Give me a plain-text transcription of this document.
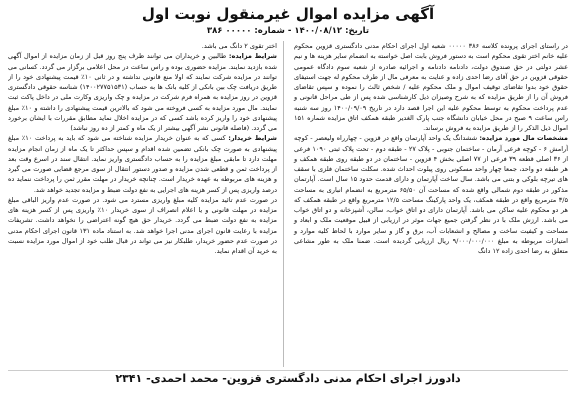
آگهی مزایده اموال غیرمنقول نوبت اول
تاریخ: ۱۴۰۰/۰۸/۱۲ - شماره: ۳۸۶ ۰۰۰۰۰

در راستای اجرای پرونده کلاسه ۳۸۶ ۰۰۰۰۰ شعبه اول اجرای احکام مدنی دادگستری قزوین محکوم علیه خانم اختر تقوی محکوم است به دستور فروش بابت اصل خواسته به انضمام سایر هزینه ها و نیم عشر دولتی در حق صندوق دولت، دادنامه دادنامه و اجرائیه صادره از شعبه سوم دادگاه عمومی حقوقی قزوین در حق آقای رضا احدی زاده و عنایت به معرفی مال از طرف محکوم له جهت استیفای حقوق خود بدوا تقاضای توقیف اموال و ملک محکوم علیه / شخص ثالث را نموده و سپس تقاضای فروش آن را از طریق مزایده که به شرح وصیزان ذیل کارشناسی شده پس از طی مراحل قانونی و عدم پرداخت محکوم به توسط محکوم علیه این اجرا قصد دارد در تاریخ ۱۴۰۰/۰۹/۰۹ روز سه شنبه راس ساعت ۹ صبح در محل خیابان دانشگاه جنب پارک الغدیر طبقه همکف اتاق مزایده شماره ۱۵۱ اموال ذیل الذکر را از طریق مزایده به فروش برساند.

مشخصات مال مورد مزایده: ششدانگ یک واحد آپارتمان واقع در قزوین - چهارراه ولیعصر - کوچه آرامش ۶ - کوچه فرعی آرمان - ساختمان جنوبی - پلاک ۲۷ - طبقه دوم - تحت پلاک ثبتی ۱۰۹۰ فرعی از ۳۶ اصلی قطعه ۳۹ فرعی از ۷۷ اصلی بخش ۴ قزوین - ساختمان در دو طبقه روی طبقه همکف و هر طبقه دو واحد، جمعا چهار واحد مسکونی روی پیلوت احداث شده. سکلت ساختمان فلزی با سقف های تیرچه بلوکی و بتنی می باشد. سال ساخت آپارتمان و دارای قدمت حدود ۱۵ سال است. آپارتمان مذکور در طبقه دوم شمالی واقع شده که مساحت آن ۶۵/۵۰ مترمربع به انضمام انباری به مساحت ۳/۵ مترمربع واقع در طبقه همکف، یک واحد پارکینگ مساحت ۱۲/۵ مترمربع واقع در طبقه همکف که هر دو محکوم علیه ساکن می باشد. آپارتمان دارای دو اتاق خواب، سالن، آشپزخانه و دو اتاق خواب می باشد. ارزش ملک با در نظر گرفتن جمیع جهات موثر در ارزیابی از قبیل موقعیت ملک و ابعاد و مساحت و کیفیت ساخت و مصالح و انشعابات آب، برق و گاز و سایر موارد با لحاظ کلیه موارد و امتیازات مربوطه به مبلغ ۹/۰۰۰/۰۰۰/۰۰۰ ریال ارزیابی گردیده است. ضمنا ملک به طور مشاعی متعلق به رضا احدی زاده ۱۲ دانگ

اختر تقوی ۲ دانگ می باشد.

شرایط مزایده: طالبین و خریداران می توانند ظرف پنج روز قبل از زمان مزایده از اموال آگهی شده بازدید نمایند. مزایده حضوری بوده و راس ساعت در محل اعلامی برگزار می گردد. کسانی می توانند در مزایده شرکت نمایند که اولا منع قانونی نداشته و در ثانی ۱۰٪ قیمت پیشنهادی خود را از طریق دریافت چک بین بانکی از کلیه بانک ها به حساب (۱۴۰۰۲۷۷۵۱۵۳۱) شناسه حقوقی دادگستری قزوین در روز مزایده به همراه فرم شرکت در مزایده و چک واریزی وکارت ملی در داخل پاکت ثبت نمایند. مال مورد مزایده به کسی فروخته می شود که بالاترین قیمت پیشنهادی را داشته و ۱۰٪ مبلغ پیشنهادی خود را واریز کرده باشد کسی که در مزایده اخلال نماید مطابق مقررات با ایشان برخورد می گردد. (فاصله قانونی نشر آگهی بیشتر از یک ماه و کمتر از ده روز نباشد)

شرایط خریدار: کسی که به عنوان خریدار مزایده شناخته می شود که باید به پرداخت ۱۰٪ مبلغ پیشنهادی به صورت چک بانکی تضمین شده اقدام و سپس حداکثر تا یک ماه از زمان انجام مزایده مهلت دارد تا مابقی مبلغ مزایده را به حساب دادگستری واریز نماید. انتقال سند در اسرع وقت بعد از پرداخت ثمن و قطعی شدن مزایده و صدور دستور انتقال از سوی مرجع قضایی صورت می گیرد و هزینه های مربوطه به عهده خریدار است. چنانچه خریدار در مهلت مقرر ثمن را پرداخت ننماید ده درصد واریزی پس از کسر هزینه های اجرایی به نفع دولت ضبط و مزایده تجدید خواهد شد.

در صورت عدم تائید مزایده کلیه مبلغ واریزی مسترد می شود. در صورت عدم واریز الباقی مبلغ مزایده در مهلت قانونی و یا اعلام انصراف از سوی خریدار ۱۰٪ واریزی پس از کسر هزینه های مزایده به نفع دولت ضبط می گردد. خریدار حق هیچ گونه اعتراضی را نخواهد داشت. تشریفات مزایده با رعایت قانون اجرای مدنی اجرا خواهد شد. به استناد ماده ۱۳۱ قانون اجرای احکام مدنی در صورت عدم حضور خریدار، طلبکار نیز می تواند در قبال طلب خود از اموال مورد مزایده نسبت به خرید آن اقدام نماید.

دادورز اجرای احکام مدنی دادگستری قزوین- محمد احمدی- ۲۳۴۱
